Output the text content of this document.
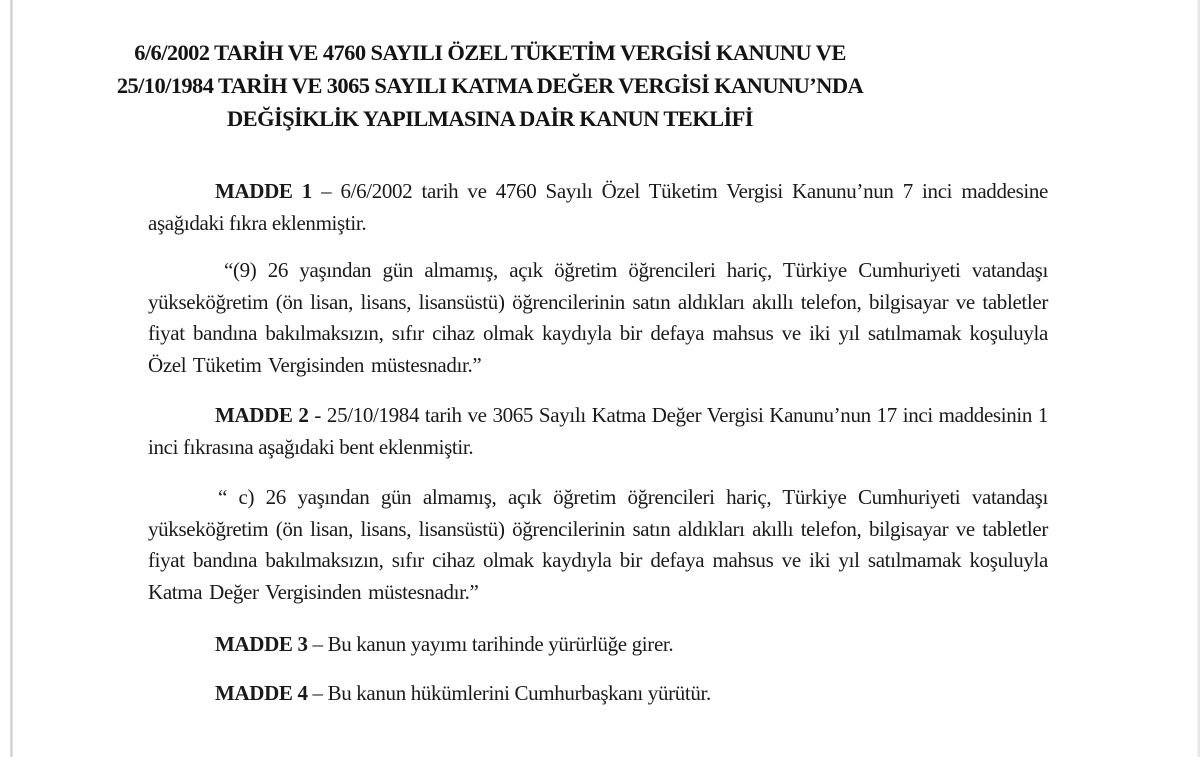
6/6/2002 TARİH VE 4760 SAYILI ÖZEL TÜKETİM VERGİSİ KANUNU VE
25/10/1984 TARİH VE 3065 SAYILI KATMA DEĞER VERGİSİ KANUNU’NDA
DEĞİŞİKLİK YAPILMASINA DAİR KANUN TEKLİFİ

MADDE 1 – 6/6/2002 tarih ve 4760 Sayılı Özel Tüketim Vergisi Kanunu’nun 7 inci maddesine aşağıdaki fıkra eklenmiştir.

“(9) 26 yaşından gün almamış, açık öğretim öğrencileri hariç, Türkiye Cumhuriyeti vatandaşı yükseköğretim (ön lisan, lisans, lisansüstü) öğrencilerinin satın aldıkları akıllı telefon, bilgisayar ve tabletler fiyat bandına bakılmaksızın, sıfır cihaz olmak kaydıyla bir defaya mahsus ve iki yıl satılmamak koşuluyla Özel Tüketim Vergisinden müstesnadır.”

MADDE 2 - 25/10/1984 tarih ve 3065 Sayılı Katma Değer Vergisi Kanunu’nun 17 inci maddesinin 1 inci fıkrasına aşağıdaki bent eklenmiştir.

“ c) 26 yaşından gün almamış, açık öğretim öğrencileri hariç, Türkiye Cumhuriyeti vatandaşı yükseköğretim (ön lisan, lisans, lisansüstü) öğrencilerinin satın aldıkları akıllı telefon, bilgisayar ve tabletler fiyat bandına bakılmaksızın, sıfır cihaz olmak kaydıyla bir defaya mahsus ve iki yıl satılmamak koşuluyla Katma Değer Vergisinden müstesnadır.”

MADDE 3 – Bu kanun yayımı tarihinde yürürlüğe girer.

MADDE 4 – Bu kanun hükümlerini Cumhurbaşkanı yürütür.
